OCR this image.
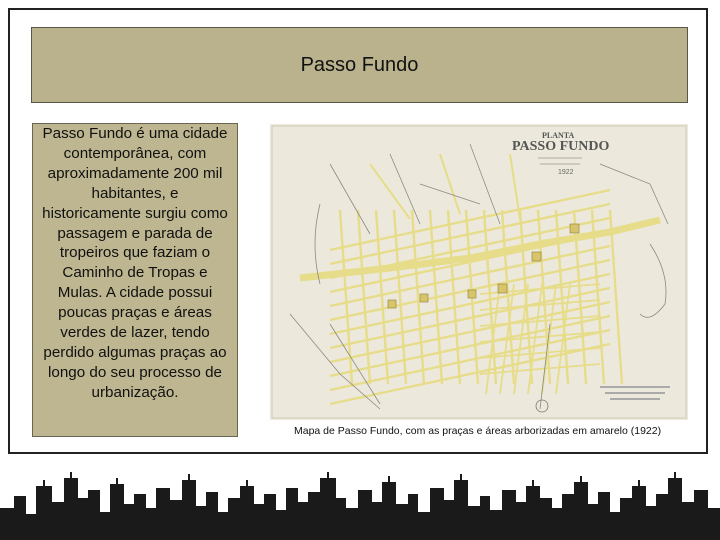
Passo Fundo
Passo Fundo é uma cidade contemporânea, com aproximadamente 200 mil habitantes, e historicamente surgiu como passagem e parada de tropeiros que faziam o Caminho de Tropas e Mulas. A cidade possui poucas praças e áreas verdes de lazer, tendo perdido algumas praças ao longo do seu processo de urbanização.
PLANTA
PASSO FUNDO
1922
Mapa de Passo Fundo, com as praças e áreas arborizadas em amarelo (1922)
